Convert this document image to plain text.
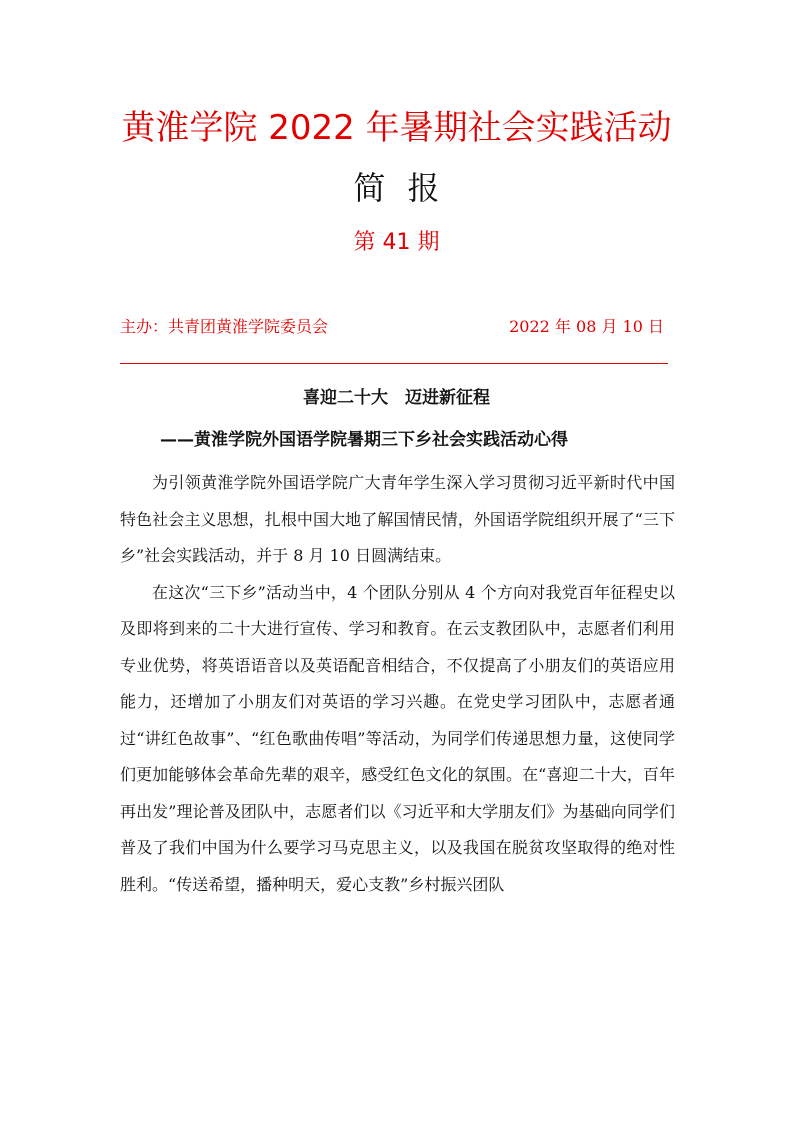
黄淮学院 2022 年暑期社会实践活动
简报
第 41 期
主办：共青团黄淮学院委员会	2022 年 08 月 10 日
喜迎二十大　迈进新征程
——黄淮学院外国语学院暑期三下乡社会实践活动心得

为引领黄淮学院外国语学院广大青年学生深入学习贯彻习近平新时代中国特色社会主义思想，扎根中国大地了解国情民情，外国语学院组织开展了“三下乡”社会实践活动，并于 8 月 10 日圆满结束。

在这次“三下乡”活动当中，4 个团队分别从 4 个方向对我党百年征程史以及即将到来的二十大进行宣传、学习和教育。在云支教团队中，志愿者们利用专业优势，将英语语音以及英语配音相结合，不仅提高了小朋友们的英语应用能力，还增加了小朋友们对英语的学习兴趣。在党史学习团队中，志愿者通过“讲红色故事”、“红色歌曲传唱”等活动，为同学们传递思想力量，这使同学们更加能够体会革命先辈的艰辛，感受红色文化的氛围。在“喜迎二十大，百年再出发”理论普及团队中，志愿者们以《习近平和大学朋友们》为基础向同学们普及了我们中国为什么要学习马克思主义，以及我国在脱贫攻坚取得的绝对性胜利。“传送希望，播种明天，爱心支教”乡村振兴团队
